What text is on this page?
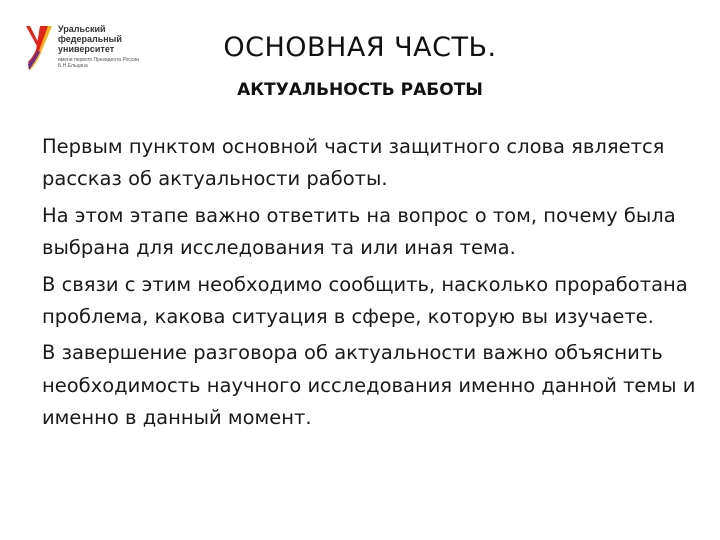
Уральский
федеральный
университет
имени первого Президента России Б.Н.Ельцина
ОСНОВНАЯ ЧАСТЬ.
АКТУАЛЬНОСТЬ РАБОТЫ

Первым пунктом основной части защитного слова является рассказ об актуальности работы.

На этом этапе важно ответить на вопрос о том, почему была выбрана для исследования та или иная тема.

В связи с этим необходимо сообщить, насколько проработана проблема, какова ситуация в сфере, которую вы изучаете.

В завершение разговора об актуальности важно объяснить необходимость научного исследования именно данной темы и именно в данный момент.
